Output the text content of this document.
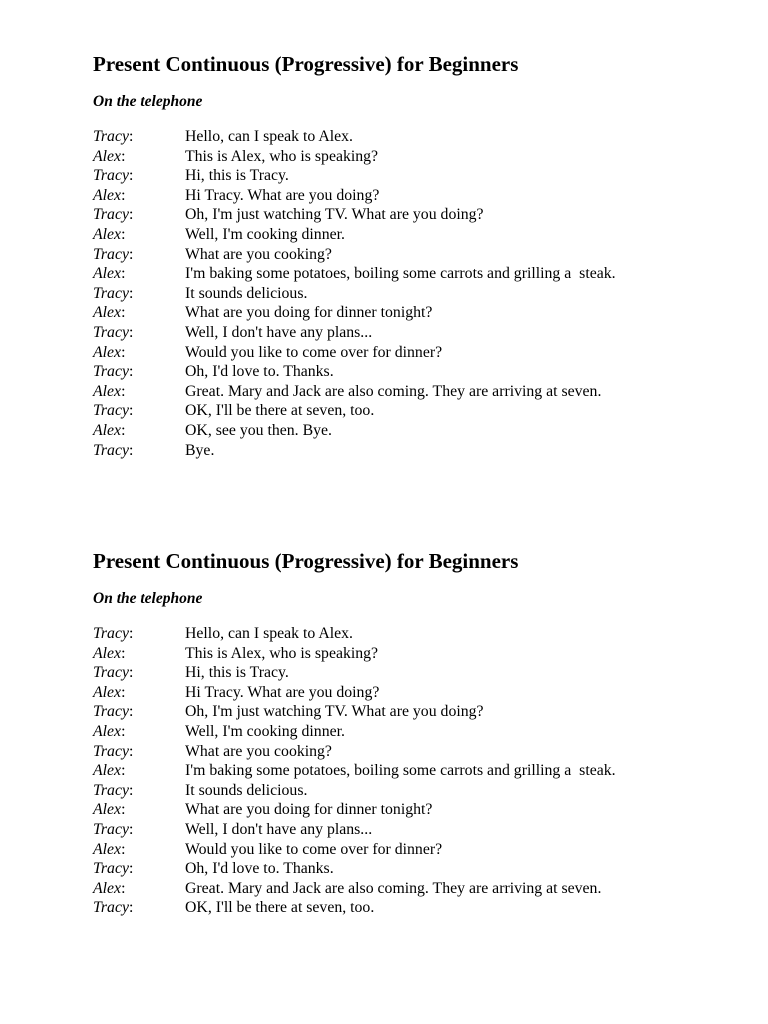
Present Continuous (Progressive) for Beginners

On the telephone

Tracy:	Hello, can I speak to Alex.
Alex:	This is Alex, who is speaking?
Tracy:	Hi, this is Tracy.
Alex:	Hi Tracy. What are you doing?
Tracy:	Oh, I'm just watching TV. What are you doing?
Alex:	Well, I'm cooking dinner.
Tracy:	What are you cooking?
Alex:	I'm baking some potatoes, boiling some carrots and grilling a  steak.
Tracy:	It sounds delicious.
Alex:	What are you doing for dinner tonight?
Tracy:	Well, I don't have any plans...
Alex:	Would you like to come over for dinner?
Tracy:	Oh, I'd love to. Thanks.
Alex:	Great. Mary and Jack are also coming. They are arriving at seven.
Tracy:	OK, I'll be there at seven, too.
Alex:	OK, see you then. Bye.
Tracy:	Bye.
Present Continuous (Progressive) for Beginners

On the telephone

Tracy:	Hello, can I speak to Alex.
Alex:	This is Alex, who is speaking?
Tracy:	Hi, this is Tracy.
Alex:	Hi Tracy. What are you doing?
Tracy:	Oh, I'm just watching TV. What are you doing?
Alex:	Well, I'm cooking dinner.
Tracy:	What are you cooking?
Alex:	I'm baking some potatoes, boiling some carrots and grilling a  steak.
Tracy:	It sounds delicious.
Alex:	What are you doing for dinner tonight?
Tracy:	Well, I don't have any plans...
Alex:	Would you like to come over for dinner?
Tracy:	Oh, I'd love to. Thanks.
Alex:	Great. Mary and Jack are also coming. They are arriving at seven.
Tracy:	OK, I'll be there at seven, too.
